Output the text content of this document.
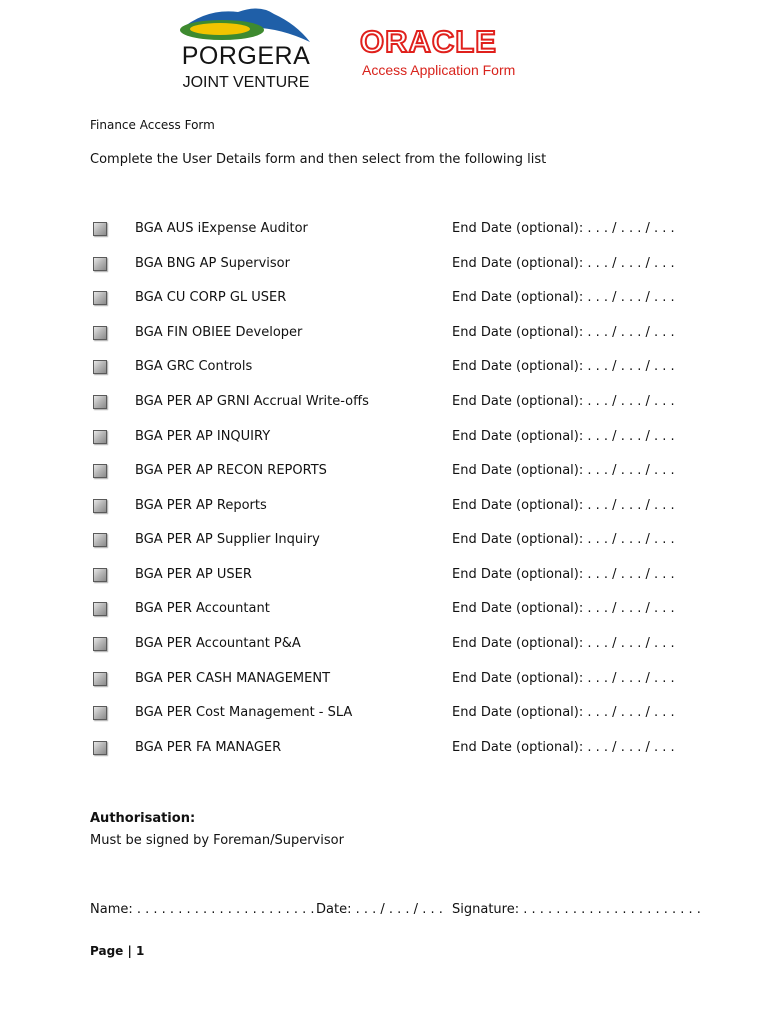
PORGERA
JOINT VENTURE
ORACLE
Access Application Form
Finance Access Form
Complete the User Details form and then select from the following list
BGA AUS iExpense Auditor	End Date (optional): . . . / . . . / . . .
BGA BNG AP Supervisor	End Date (optional): . . . / . . . / . . .
BGA CU CORP GL USER	End Date (optional): . . . / . . . / . . .
BGA FIN OBIEE Developer	End Date (optional): . . . / . . . / . . .
BGA GRC Controls	End Date (optional): . . . / . . . / . . .
BGA PER AP GRNI Accrual Write-offs	End Date (optional): . . . / . . . / . . .
BGA PER AP INQUIRY	End Date (optional): . . . / . . . / . . .
BGA PER AP RECON REPORTS	End Date (optional): . . . / . . . / . . .
BGA PER AP Reports	End Date (optional): . . . / . . . / . . .
BGA PER AP Supplier Inquiry	End Date (optional): . . . / . . . / . . .
BGA PER AP USER	End Date (optional): . . . / . . . / . . .
BGA PER Accountant	End Date (optional): . . . / . . . / . . .
BGA PER Accountant P&A	End Date (optional): . . . / . . . / . . .
BGA PER CASH MANAGEMENT	End Date (optional): . . . / . . . / . . .
BGA PER Cost Management - SLA	End Date (optional): . . . / . . . / . . .
BGA PER FA MANAGER	End Date (optional): . . . / . . . / . . .
Authorisation:
Must be signed by Foreman/Supervisor
Name: . . . . . . . . . . . . . . . . . . . . . . Date: . . . / . . . / . . . Signature: . . . . . . . . . . . . . . . . . . . . . .
Page | 1
